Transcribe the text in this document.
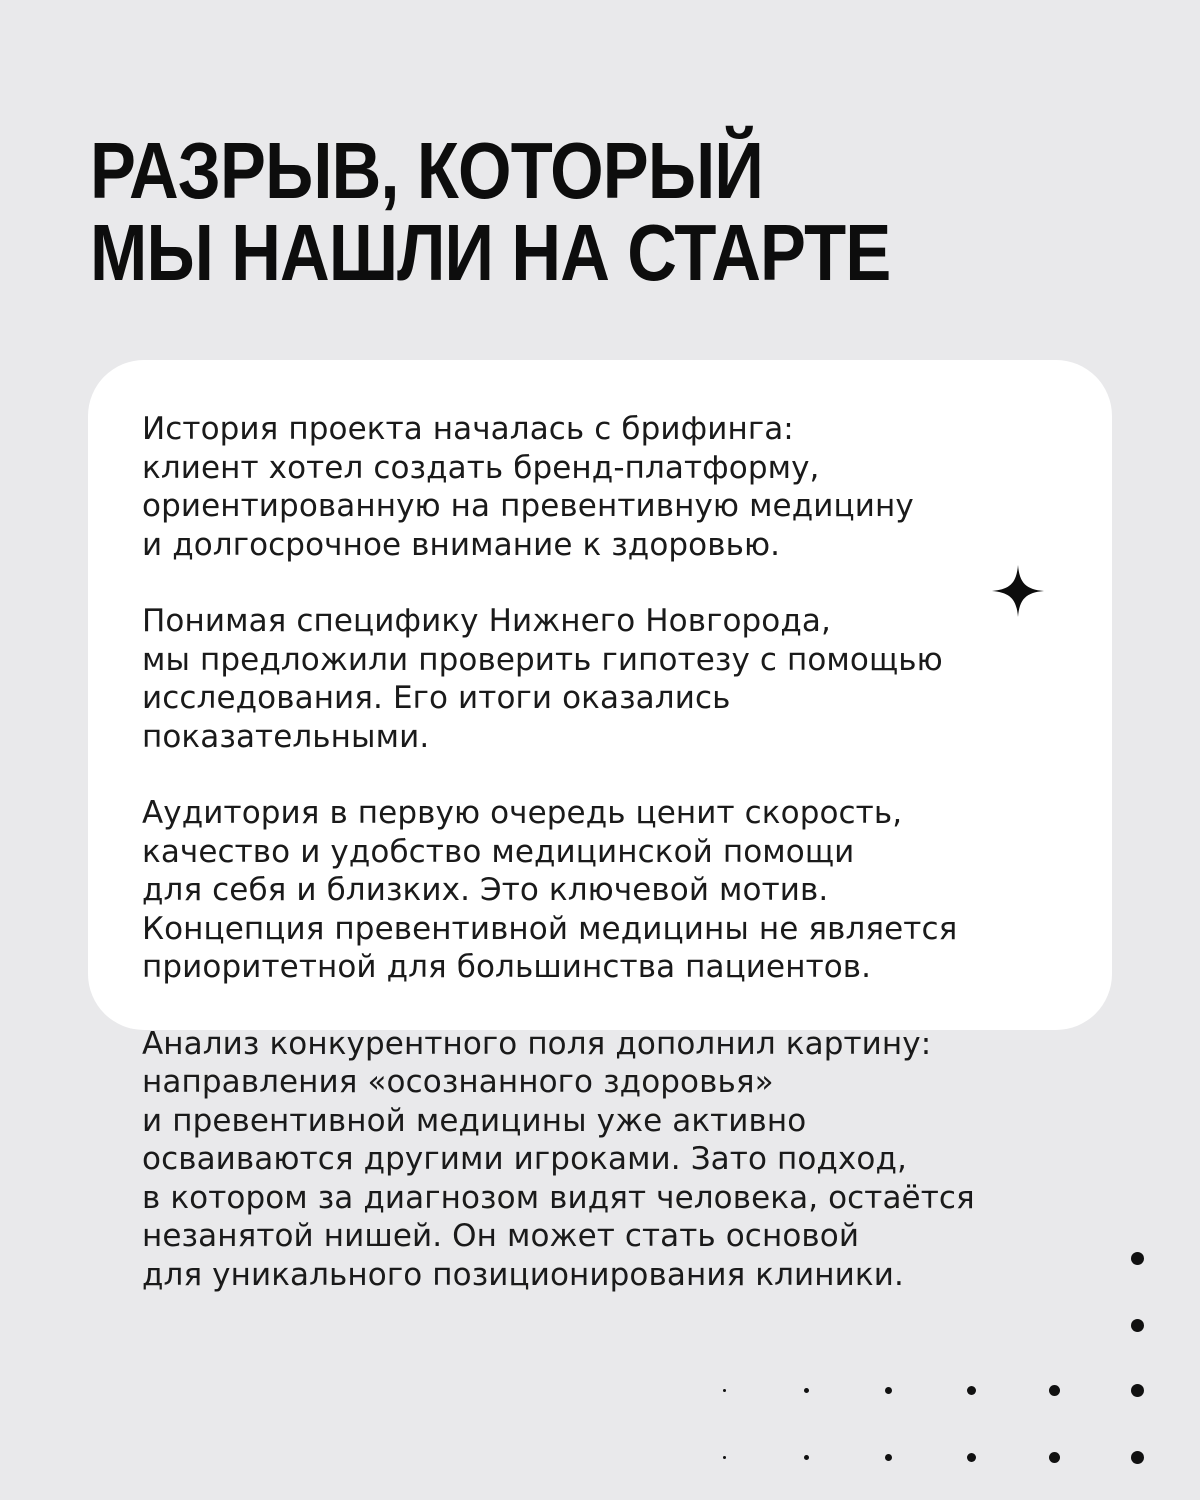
РАЗРЫВ, КОТОРЫЙ
МЫ НАШЛИ НА СТАРТЕ

История проекта началась с брифинга:
клиент хотел создать бренд-платформу,
ориентированную на превентивную медицину
и долгосрочное внимание к здоровью.

Понимая специфику Нижнего Новгорода,
мы предложили проверить гипотезу с помощью
исследования. Его итоги оказались
показательными.

Аудитория в первую очередь ценит скорость,
качество и удобство медицинской помощи
для себя и близких. Это ключевой мотив.
Концепция превентивной медицины не является
приоритетной для большинства пациентов.

Анализ конкурентного поля дополнил картину:
направления «осознанного здоровья»
и превентивной медицины уже активно
осваиваются другими игроками. Зато подход,
в котором за диагнозом видят человека, остаётся
незанятой нишей. Он может стать основой
для уникального позиционирования клиники.
